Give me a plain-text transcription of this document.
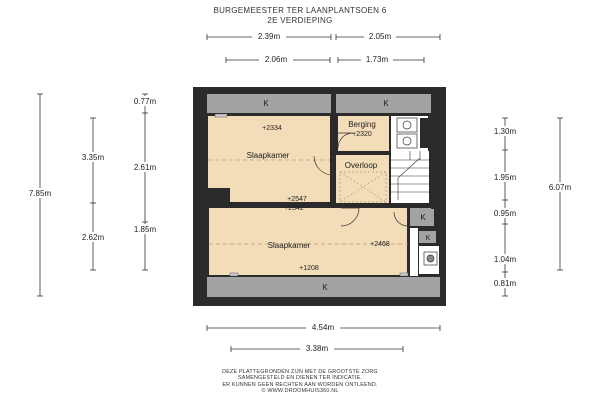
BURGEMEESTER TER LAANPLANTSOEN 6
2E VERDIEPING
2.39m	2.05m
2.06m	1.73m
7.85m
3.35m
2.62m
0.77m
2.61m
1.85m
6.07m
1.30m
1.95m
0.95m
1.04m
0.81m
4.54m
3.38m
K	K
K
K
K
Slaapkamer
Slaapkamer
Berging
Overloop
+2334
+2320
+2547
+2542
+2468
+1208
DEZE PLATTEGRONDEN ZIJN MET DE GROOTSTE ZORG
SAMENGESTELD EN DIENEN TER INDICATIE.
ER KUNNEN GEEN RECHTEN AAN WORDEN ONTLEEND.
© WWW.DROOMHUIS360.NL
